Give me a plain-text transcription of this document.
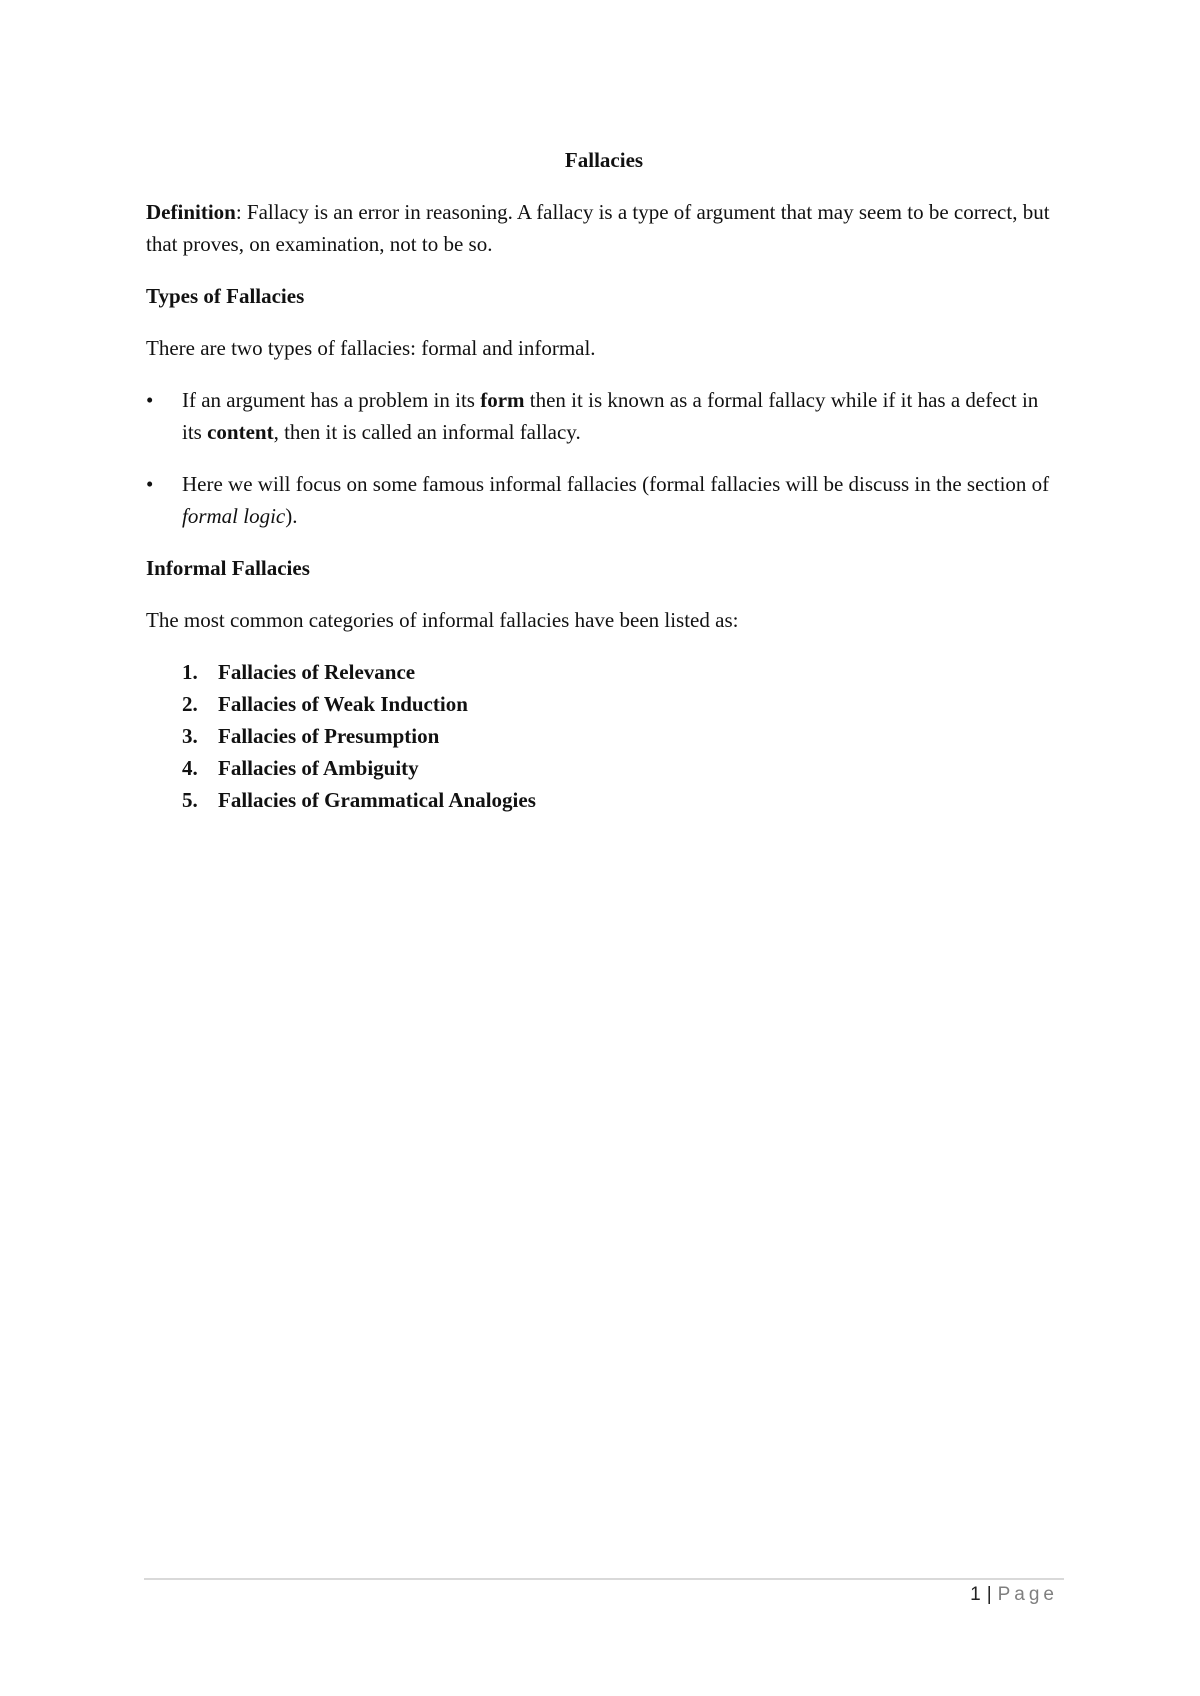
Fallacies

Definition: Fallacy is an error in reasoning. A fallacy is a type of argument that may seem to be correct, but that proves, on examination, not to be so.

Types of Fallacies

There are two types of fallacies: formal and informal.

•	If an argument has a problem in its form then it is known as a formal fallacy while if it has a defect in its content, then it is called an informal fallacy.
•	Here we will focus on some famous informal fallacies (formal fallacies will be discuss in the section of formal logic).
Informal Fallacies

The most common categories of informal fallacies have been listed as:

1. Fallacies of Relevance
2. Fallacies of Weak Induction
3. Fallacies of Presumption
4. Fallacies of Ambiguity
5. Fallacies of Grammatical Analogies
1 | Page
